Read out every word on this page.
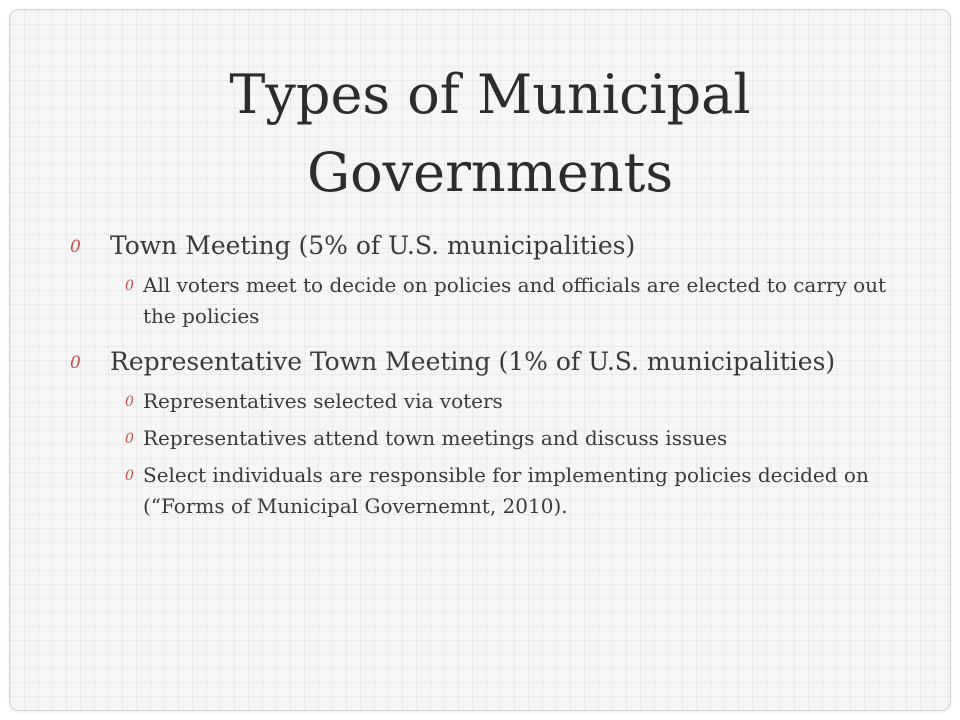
Types of Municipal Governments
0 Town Meeting (5% of U.S. municipalities)
0 All voters meet to decide on policies and officials are elected to carry out the policies
0 Representative Town Meeting (1% of U.S. municipalities)
0 Representatives selected via voters
0 Representatives attend town meetings and discuss issues
0 Select individuals are responsible for implementing policies decided on (“Forms of Municipal Governemnt, 2010).
